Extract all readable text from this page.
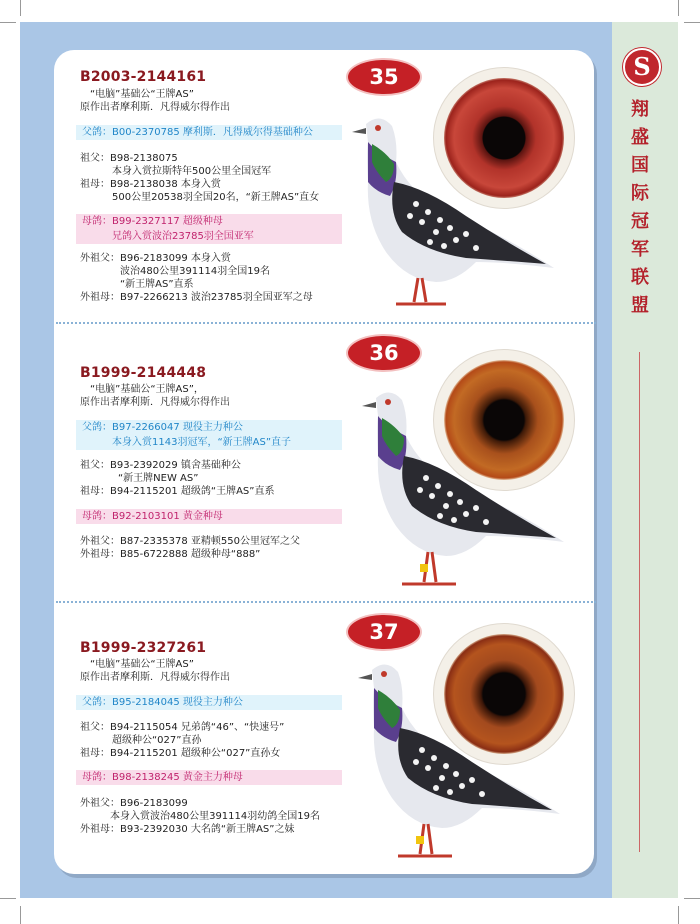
S
翔盛国际冠军联盟
B2003-2144161
“电脑”基础公“王牌AS”
原作出者摩利斯．凡得威尔得作出
父鸽：B00-2370785 摩利斯．凡得威尔得基础种公
祖父：B98-2138075
本身入赏拉斯特年500公里全国冠军
祖母：B98-2138038 本身入赏
500公里20538羽全国20名，“新王牌AS”直女
母鸽：B99-2327117 超级种母
兄鸽入赏波治23785羽全国亚军
外祖父：B96-2183099 本身入赏
波治480公里391114羽全国19名
“新王牌AS”直系
外祖母：B97-2266213 波治23785羽全国亚军之母
35
B1999-2144448
“电脑”基础公“王牌AS”，
原作出者摩利斯．凡得威尔得作出
父鸽：B97-2266047 现役主力种公
本身入赏1143羽冠军，“新王牌AS”直子
祖父：B93-2392029 镇舍基础种公
“新王牌NEW AS”
祖母：B94-2115201 超级鸽“王牌AS”直系
母鸽：B92-2103101 黄金种母
外祖父：B87-2335378 亚精顿550公里冠军之父
外祖母：B85-6722888 超级种母“888”
36
B1999-2327261
“电脑”基础公“王牌AS”
原作出者摩利斯．凡得威尔得作出
父鸽：B95-2184045 现役主力种公
祖父：B94-2115054 兄弟鸽“46”、“快速号”
超级种公“027”直孙
祖母：B94-2115201 超级种公“027”直孙女
母鸽：B98-2138245 黄金主力种母
外祖父：B96-2183099
本身入赏波治480公里391114羽幼鸽全国19名
外祖母：B93-2392030 大名鸽“新王牌AS”之妹
37
